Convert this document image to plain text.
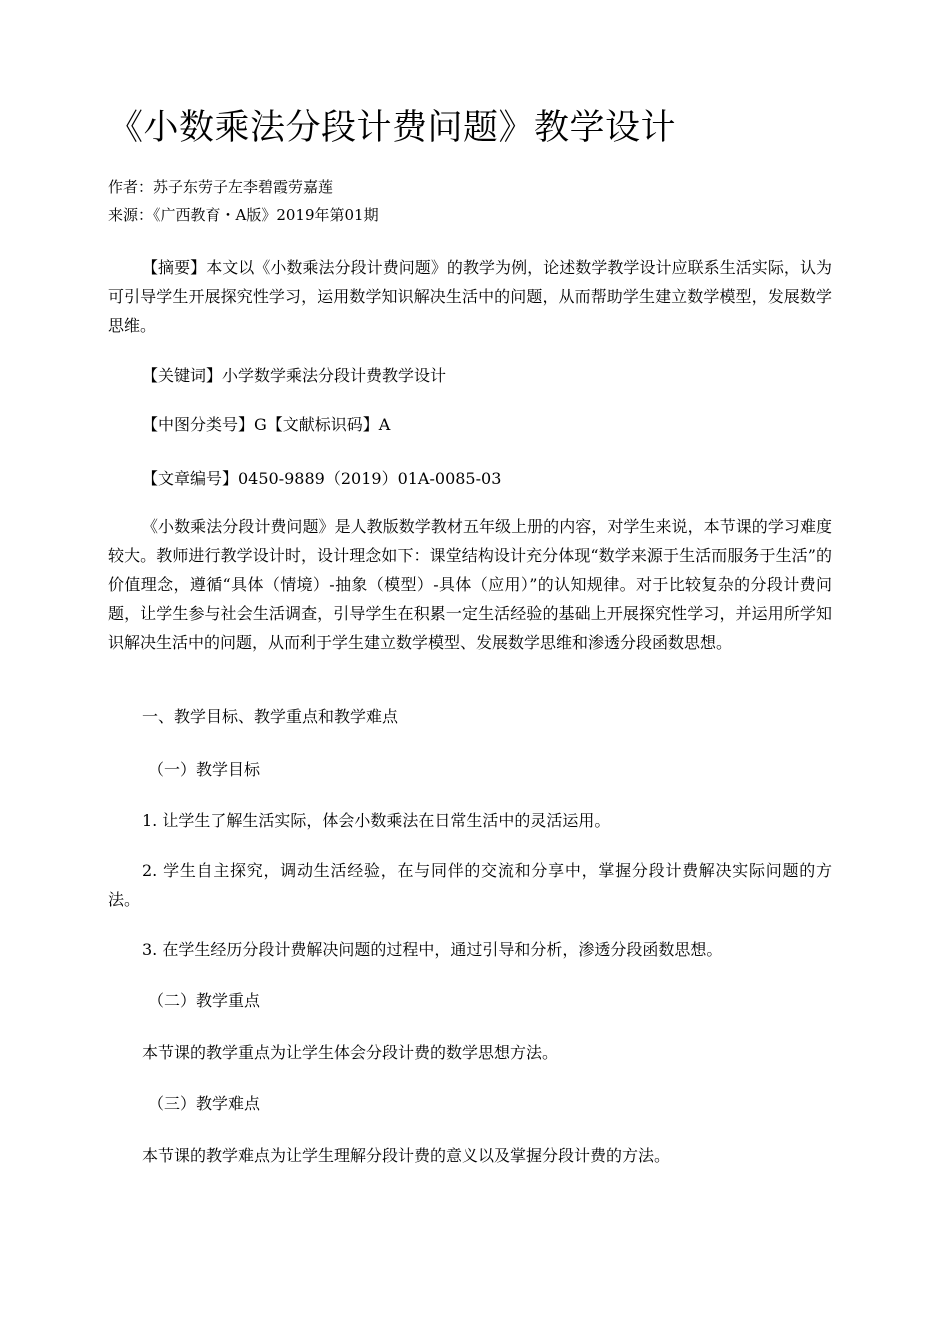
《小数乘法分段计费问题》教学设计
作者：苏子东劳子左李碧霞劳嘉莲
来源：《广西教育・A版》2019年第01期

【摘要】本文以《小数乘法分段计费问题》的教学为例，论述数学教学设计应联系生活实际，认为可引导学生开展探究性学习，运用数学知识解决生活中的问题，从而帮助学生建立数学模型，发展数学思维。

【关键词】小学数学乘法分段计费教学设计

【中图分类号】G【文献标识码】A

【文章编号】0450-9889（2019）01A-0085-03

《小数乘法分段计费问题》是人教版数学教材五年级上册的内容，对学生来说，本节课的学习难度较大。教师进行教学设计时，设计理念如下：课堂结构设计充分体现“数学来源于生活而服务于生活”的价值理念，遵循“具体（情境）-抽象（模型）-具体（应用）”的认知规律。对于比较复杂的分段计费问题，让学生参与社会生活调查，引导学生在积累一定生活经验的基础上开展探究性学习，并运用所学知识解决生活中的问题，从而利于学生建立数学模型、发展数学思维和渗透分段函数思想。

一、教学目标、教学重点和教学难点

（一）教学目标

1. 让学生了解生活实际，体会小数乘法在日常生活中的灵活运用。

2. 学生自主探究，调动生活经验，在与同伴的交流和分享中，掌握分段计费解决实际问题的方法。

3. 在学生经历分段计费解决问题的过程中，通过引导和分析，渗透分段函数思想。

（二）教学重点

本节课的教学重点为让学生体会分段计费的数学思想方法。

（三）教学难点

本节课的教学难点为让学生理解分段计费的意义以及掌握分段计费的方法。
